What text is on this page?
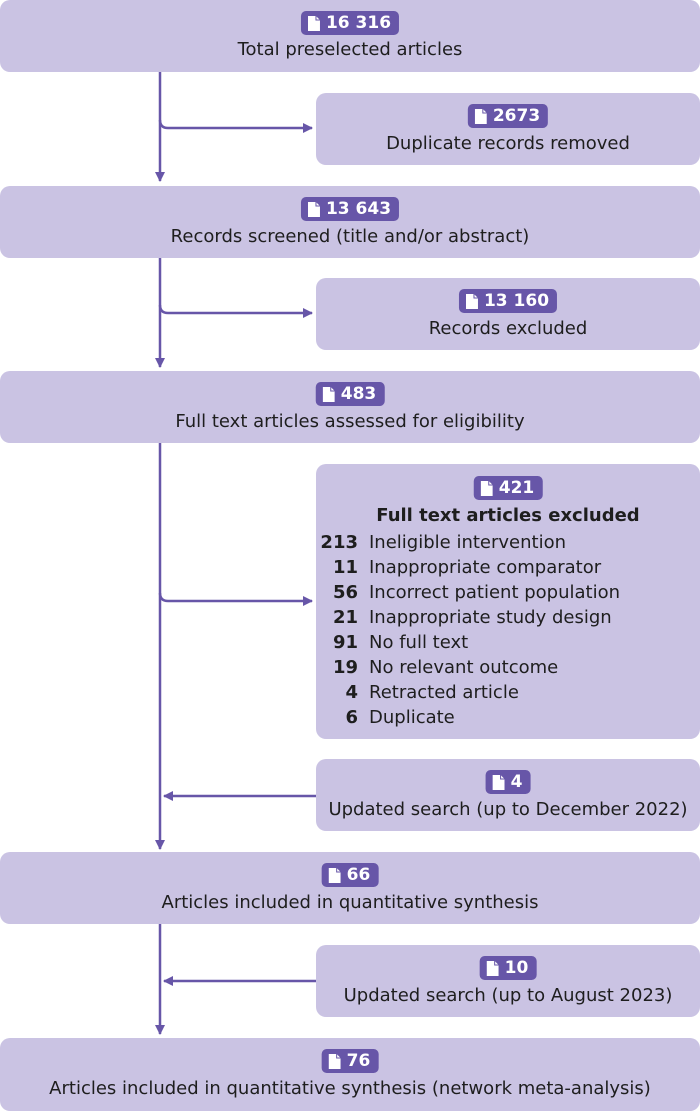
16 316
Total preselected articles
2673
Duplicate records removed
13 643
Records screened (title and/or abstract)
13 160
Records excluded
483
Full text articles assessed for eligibility
421
Full text articles excluded
213 Ineligible intervention
11 Inappropriate comparator
56 Incorrect patient population
21 Inappropriate study design
91 No full text
19 No relevant outcome
4 Retracted article
6 Duplicate
4
Updated search (up to December 2022)
66
Articles included in quantitative synthesis
10
Updated search (up to August 2023)
76
Articles included in quantitative synthesis (network meta-analysis)
